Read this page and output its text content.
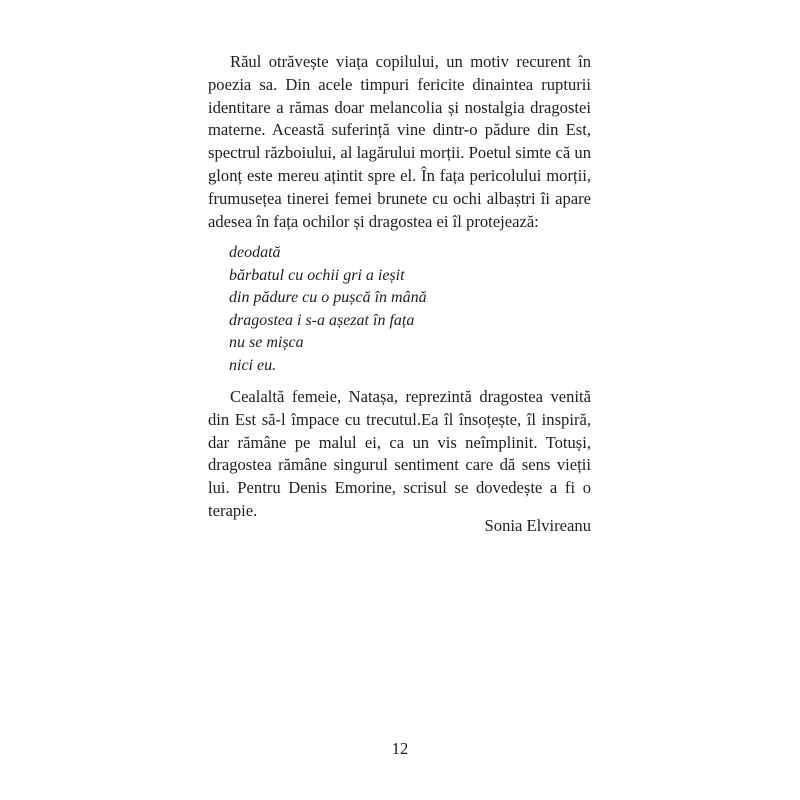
Răul otrăvește viața copilului, un motiv recurent în poezia sa. Din acele timpuri fericite dinaintea rupturii identitare a rămas doar melancolia și nostalgia dragostei materne. Această suferință vine dintr-o pădure din Est, spectrul războiului, al lagărului morții. Poetul simte că un glonț este mereu ațintit spre el. În fața pericolului morții, frumusețea tinerei femei brunete cu ochi albaștri îi apare adesea în fața ochilor și dragostea ei îl protejează:

deodată
bărbatul cu ochii gri a ieșit
din pădure cu o pușcă în mână
dragostea i s-a așezat în fața
nu se mișca
nici eu.

Cealaltă femeie, Natașa, reprezintă dragostea venită din Est să-l împace cu trecutul.Ea îl însoțește, îl inspiră, dar rămâne pe malul ei, ca un vis neîmplinit. Totuși, dragostea rămâne singurul sentiment care dă sens vieții lui. Pentru Denis Emorine, scrisul se dovedește a fi o terapie.

Sonia Elvireanu

12
